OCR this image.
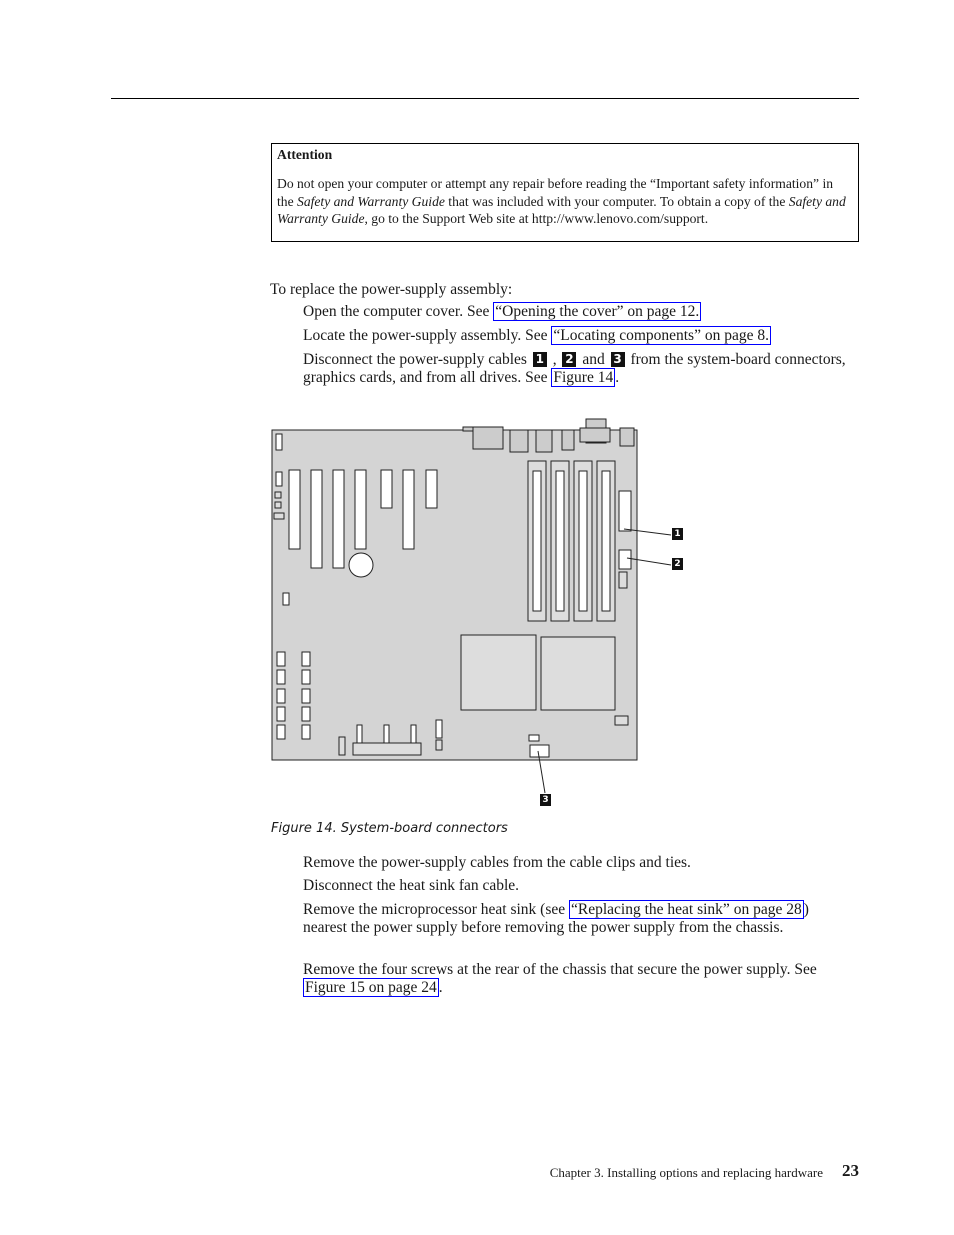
Attention

Do not open your computer or attempt any repair before reading the “Important safety information” in the Safety and Warranty Guide that was included with your computer. To obtain a copy of the Safety and Warranty Guide, go to the Support Web site at http://www.lenovo.com/support.

To replace the power-supply assembly:
Open the computer cover. See “Opening the cover” on page 12.
Locate the power-supply assembly. See “Locating components” on page 8.
Disconnect the power-supply cables 1 , 2 and 3 from the system-board connectors, graphics cards, and from all drives. See Figure 14 .
1
2
3
Figure 14. System-board connectors
Remove the power-supply cables from the cable clips and ties.
Disconnect the heat sink fan cable.
Remove the microprocessor heat sink (see “Replacing the heat sink” on page 28 ) nearest the power supply before removing the power supply from the chassis.
Remove the four screws at the rear of the chassis that secure the power supply. See Figure 15 on page 24 .
Chapter 3. Installing options and replacing hardware 23
